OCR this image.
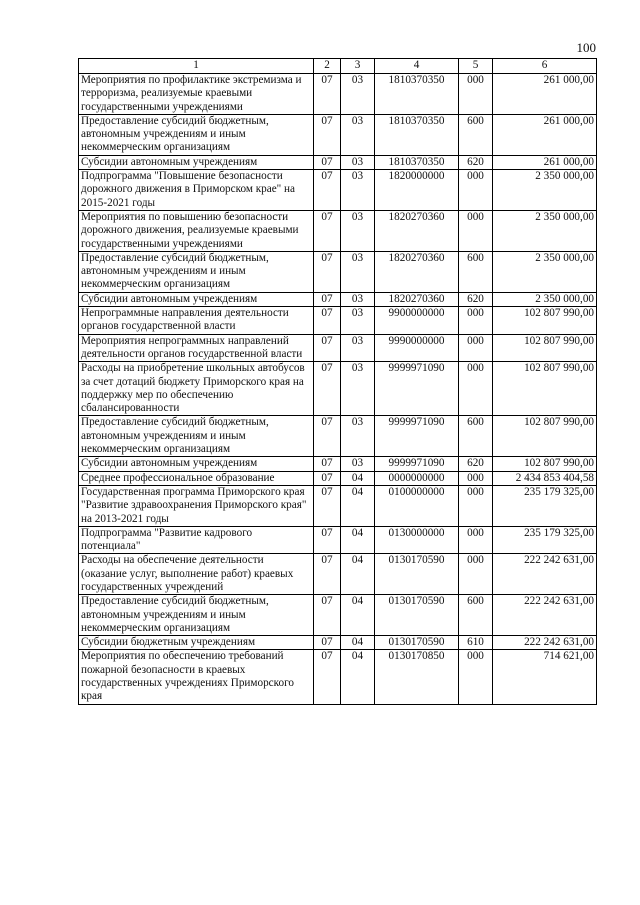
100
1	2	3	4	5	6
Мероприятия по профилактике экстремизма и терроризма, реализуемые краевыми государственными учреждениями	07	03	1810370350	000	261 000,00
Предоставление субсидий бюджетным, автономным учреждениям и иным некоммерческим организациям	07	03	1810370350	600	261 000,00
Субсидии автономным учреждениям	07	03	1810370350	620	261 000,00
Подпрограмма "Повышение безопасности дорожного движения в Приморском крае" на 2015-2021 годы	07	03	1820000000	000	2 350 000,00
Мероприятия по повышению безопасности дорожного движения, реализуемые краевыми государственными учреждениями	07	03	1820270360	000	2 350 000,00
Предоставление субсидий бюджетным, автономным учреждениям и иным некоммерческим организациям	07	03	1820270360	600	2 350 000,00
Субсидии автономным учреждениям	07	03	1820270360	620	2 350 000,00
Непрограммные направления деятельности органов государственной власти	07	03	9900000000	000	102 807 990,00
Мероприятия непрограммных направлений деятельности органов государственной власти	07	03	9990000000	000	102 807 990,00
Расходы на приобретение школьных автобусов за счет дотаций бюджету Приморского края на поддержку мер по обеспечению сбалансированности	07	03	9999971090	000	102 807 990,00
Предоставление субсидий бюджетным, автономным учреждениям и иным некоммерческим организациям	07	03	9999971090	600	102 807 990,00
Субсидии автономным учреждениям	07	03	9999971090	620	102 807 990,00
Среднее профессиональное образование	07	04	0000000000	000	2 434 853 404,58
Государственная программа Приморского края "Развитие здравоохранения Приморского края" на 2013-2021 годы	07	04	0100000000	000	235 179 325,00
Подпрограмма "Развитие кадрового потенциала"	07	04	0130000000	000	235 179 325,00
Расходы на обеспечение деятельности (оказание услуг, выполнение работ) краевых государственных учреждений	07	04	0130170590	000	222 242 631,00
Предоставление субсидий бюджетным, автономным учреждениям и иным некоммерческим организациям	07	04	0130170590	600	222 242 631,00
Субсидии бюджетным учреждениям	07	04	0130170590	610	222 242 631,00
Мероприятия по обеспечению требований пожарной безопасности в краевых государственных учреждениях Приморского края	07	04	0130170850	000	714 621,00
